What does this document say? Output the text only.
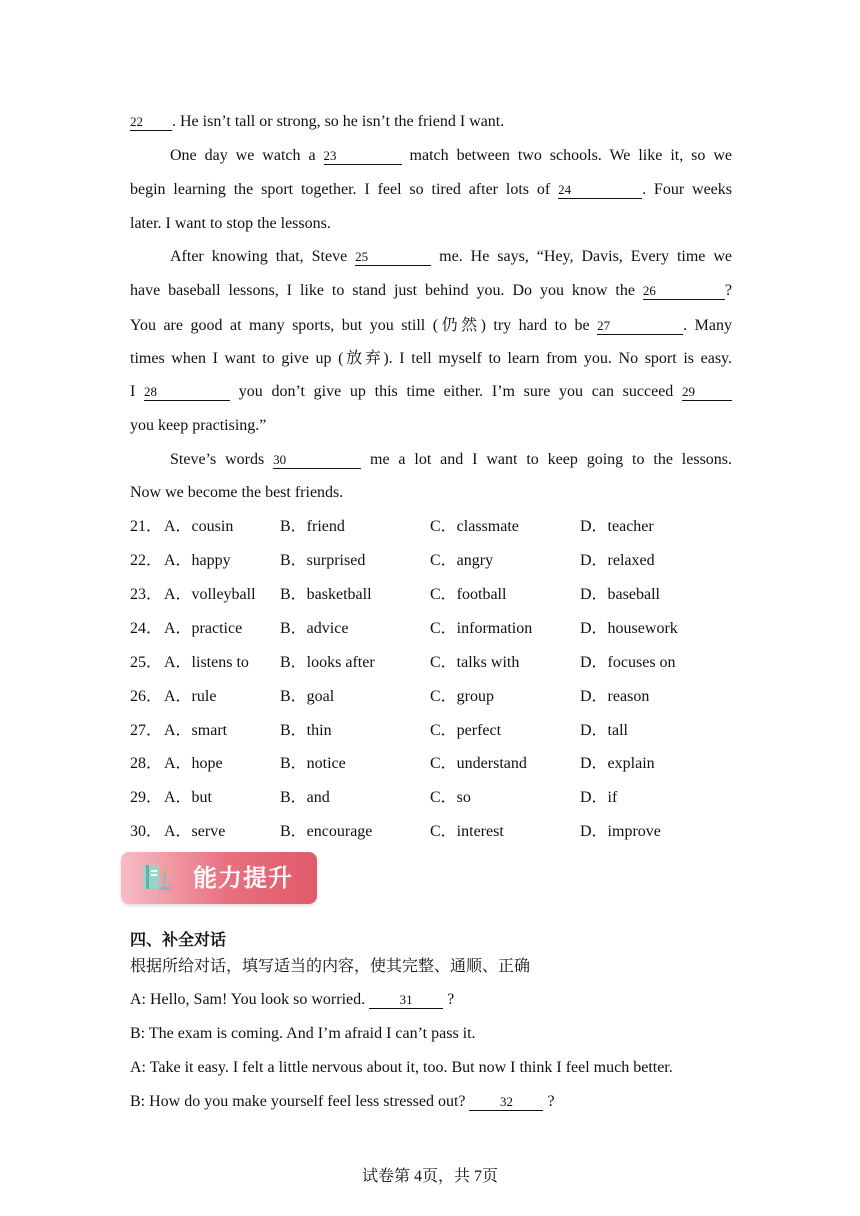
22 . He isn’t tall or strong, so he isn’t the friend I want.
One day we watch a 23	match between two schools. We like it, so we
begin learning the sport together. I feel so tired after lots of 24	. Four weeks
later. I want to stop the lessons.
After knowing that, Steve 25	me. He says, “Hey, Davis, Every time we
have baseball lessons, I like to stand just behind you. Do you know the 26	?
You are good at many sports, but you still (仍然) try hard to be 27	. Many
times when I want to give up (放弃). I tell myself to learn from you. No sport is easy.
I 28	you don’t give up this time either. I’m sure you can succeed 29
you keep practising.”
Steve’s words 30	me a lot and I want to keep going to the lessons.
Now we become the best friends.
21． A．cousin	B．friend	C．classmate	D．teacher
22． A．happy	B．surprised	C．angry	D．relaxed
23． A．volleyball B．basketball	C．football	D．baseball
24． A．practice B．advice	C．information	D．housework
25． A．listens to B．looks after	C．talks with	D．focuses on
26． A．rule	B．goal	C．group	D．reason
27． A．smart	B．thin	C．perfect	D．tall
28． A．hope	B．notice	C．understand	D．explain
29． A．but	B．and	C．so	D．if
30． A．serve	B．encourage	C．interest	D．improve
能力提升
四、补全对话
根据所给对话，填写适当的内容，使其完整、通顺、正确
A: Hello, Sam! You look so worried.	31 ?
B: The exam is coming. And I’m afraid I can’t pass it.
A: Take it easy. I felt a little nervous about it, too. But now I think I feel much better.
B: How do you make yourself feel less stressed out?	32 ?
试卷第 4页，共 7页
